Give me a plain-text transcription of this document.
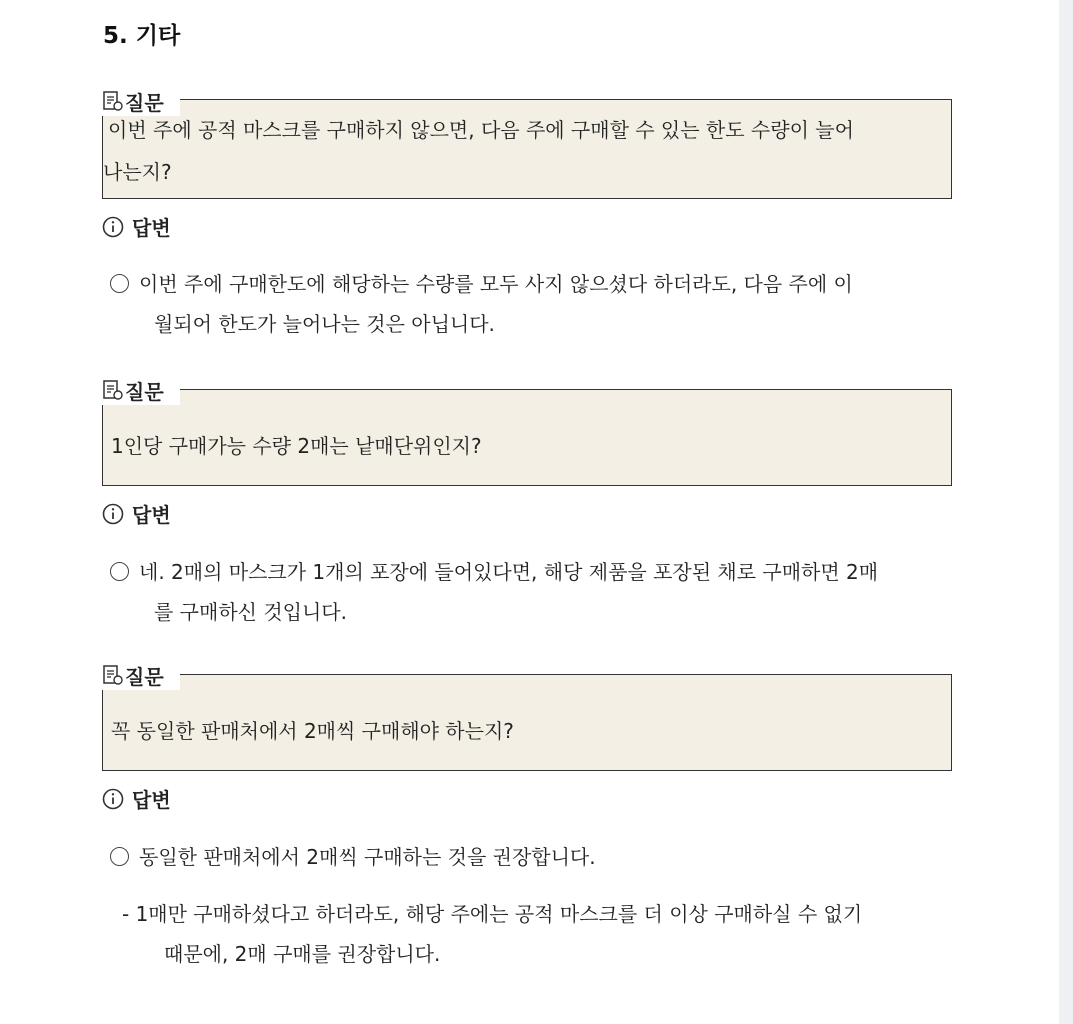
5. 기타
질문

이번 주에 공적 마스크를 구매하지 않으면, 다음 주에 구매할 수 있는 한도 수량이 늘어

나는지?

답변

이번 주에 구매한도에 해당하는 수량를 모두 사지 않으셨다 하더라도, 다음 주에 이
월되어 한도가 늘어나는 것은 아닙니다.

질문

1인당 구매가능 수량 2매는 낱매단위인지?

답변

네. 2매의 마스크가 1개의 포장에 들어있다면, 해당 제품을 포장된 채로 구매하면 2매
를 구매하신 것입니다.

질문

꼭 동일한 판매처에서 2매씩 구매해야 하는지?

답변

동일한 판매처에서 2매씩 구매하는 것을 권장합니다.

- 1매만 구매하셨다고 하더라도, 해당 주에는 공적 마스크를 더 이상 구매하실 수 없기
때문에, 2매 구매를 권장합니다.
